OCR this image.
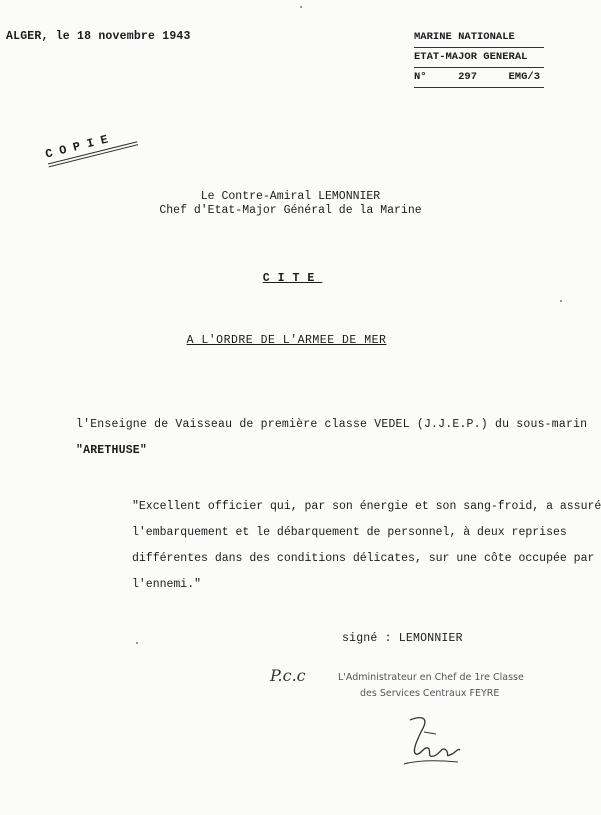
ALGER, le 18 novembre 1943	MARINE NATIONALE
ETAT-MAJOR GENERAL
N°	297	EMG/3
COPIE
Le Contre-Amiral LEMONNIER
Chef d'Etat-Major Général de la Marine
CITE
A L'ORDRE DE L'ARMEE DE MER
l'Enseigne de Vaisseau de première classe VEDEL (J.J.E.P.) du sous-marin
"ARETHUSE"
"Excellent officier qui, par son énergie et son sang-froid, a assuré
l'embarquement et le débarquement de personnel, à deux reprises
différentes dans des conditions délicates, sur une côte occupée par
l'ennemi."
signé : LEMONNIER
P.c.c	L'Administrateur en Chef de 1re Classe
des Services Centraux FEYRE
